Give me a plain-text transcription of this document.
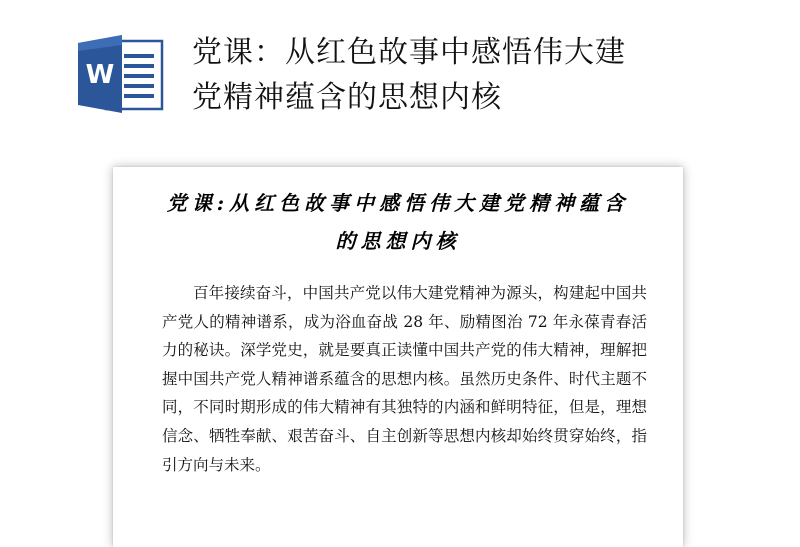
W
党课：从红色故事中感悟伟大建
党精神蕴含的思想内核
党课:从红色故事中感悟伟大建党精神蕴含
的思想内核

百年接续奋斗，中国共产党以伟大建党精神为源头，构建起中国共产党人的精神谱系，成为浴血奋战 28 年、励精图治 72 年永葆青春活力的秘诀。深学党史，就是要真正读懂中国共产党的伟大精神，理解把握中国共产党人精神谱系蕴含的思想内核。虽然历史条件、时代主题不同，不同时期形成的伟大精神有其独特的内涵和鲜明特征，但是，理想信念、牺牲奉献、艰苦奋斗、自主创新等思想内核却始终贯穿始终，指引方向与未来。
